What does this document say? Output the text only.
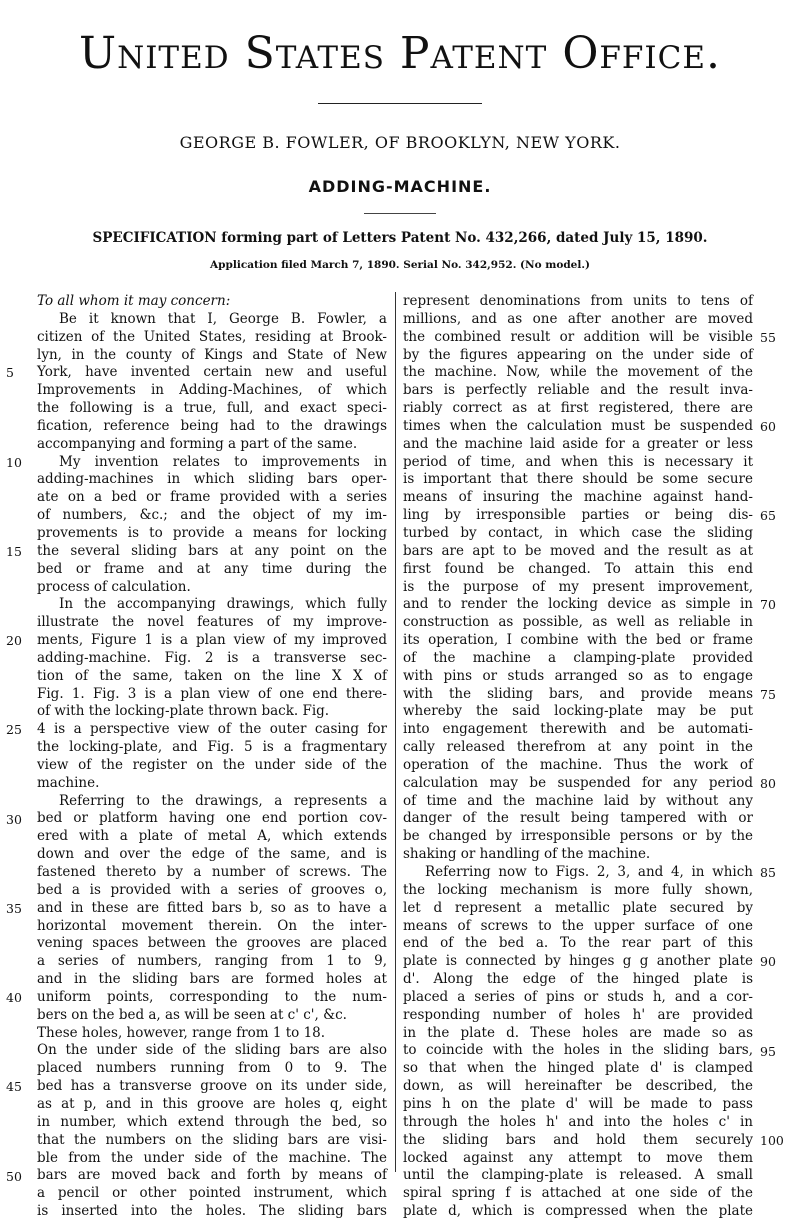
United States Patent Office.
GEORGE B. FOWLER, OF BROOKLYN, NEW YORK.
ADDING-MACHINE.
SPECIFICATION forming part of Letters Patent No. 432,266, dated July 15, 1890.
Application filed March 7, 1890. Serial No. 342,952. (No model.)
To all whom it may concern:
Be it known that I, George B. Fowler, a
citizen of the United States, residing at Brook-
lyn, in the county of Kings and State of New
York, have invented certain new and useful
Improvements in Adding-Machines, of which
the following is a true, full, and exact speci-
fication, reference being had to the drawings
accompanying and forming a part of the same.
My invention relates to improvements in
adding-machines in which sliding bars oper-
ate on a bed or frame provided with a series
of numbers, &c.; and the object of my im-
provements is to provide a means for locking
the several sliding bars at any point on the
bed or frame and at any time during the
process of calculation.
In the accompanying drawings, which fully
illustrate the novel features of my improve-
ments, Figure 1 is a plan view of my improved
adding-machine. Fig. 2 is a transverse sec-
tion of the same, taken on the line X X of
Fig. 1. Fig. 3 is a plan view of one end there-
of with the locking-plate thrown back. Fig.
4 is a perspective view of the outer casing for
the locking-plate, and Fig. 5 is a fragmentary
view of the register on the under side of the
machine.
Referring to the drawings, a represents a
bed or platform having one end portion cov-
ered with a plate of metal A, which extends
down and over the edge of the same, and is
fastened thereto by a number of screws. The
bed a is provided with a series of grooves o,
and in these are fitted bars b, so as to have a
horizontal movement therein. On the inter-
vening spaces between the grooves are placed
a series of numbers, ranging from 1 to 9,
and in the sliding bars are formed holes at
uniform points, corresponding to the num-
bers on the bed a, as will be seen at c' c', &c.
These holes, however, range from 1 to 18.
On the under side of the sliding bars are also
placed numbers running from 0 to 9. The
bed has a transverse groove on its under side,
as at p, and in this groove are holes q, eight
in number, which extend through the bed, so
that the numbers on the sliding bars are visi-
ble from the under side of the machine. The
bars are moved back and forth by means of
a pencil or other pointed instrument, which
is inserted into the holes. The sliding bars
represent denominations from units to tens of
millions, and as one after another are moved
the combined result or addition will be visible
by the figures appearing on the under side of
the machine. Now, while the movement of the
bars is perfectly reliable and the result inva-
riably correct as at first registered, there are
times when the calculation must be suspended
and the machine laid aside for a greater or less
period of time, and when this is necessary it
is important that there should be some secure
means of insuring the machine against hand-
ling by irresponsible parties or being dis-
turbed by contact, in which case the sliding
bars are apt to be moved and the result as at
first found be changed. To attain this end
is the purpose of my present improvement,
and to render the locking device as simple in
construction as possible, as well as reliable in
its operation, I combine with the bed or frame
of the machine a clamping-plate provided
with pins or studs arranged so as to engage
with the sliding bars, and provide means
whereby the said locking-plate may be put
into engagement therewith and be automati-
cally released therefrom at any point in the
operation of the machine. Thus the work of
calculation may be suspended for any period
of time and the machine laid by without any
danger of the result being tampered with or
be changed by irresponsible persons or by the
shaking or handling of the machine.
Referring now to Figs. 2, 3, and 4, in which
the locking mechanism is more fully shown,
let d represent a metallic plate secured by
means of screws to the upper surface of one
end of the bed a. To the rear part of this
plate is connected by hinges g g another plate
d'. Along the edge of the hinged plate is
placed a series of pins or studs h, and a cor-
responding number of holes h' are provided
in the plate d. These holes are made so as
to coincide with the holes in the sliding bars,
so that when the hinged plate d' is clamped
down, as will hereinafter be described, the
pins h on the plate d' will be made to pass
through the holes h' and into the holes c' in
the sliding bars and hold them securely
locked against any attempt to move them
until the clamping-plate is released. A small
spiral spring f is attached at one side of the
plate d, which is compressed when the plate
5
10
15
20
25
30
35
40
45
50
55
60
65
70
75
80
85
90
95
100
